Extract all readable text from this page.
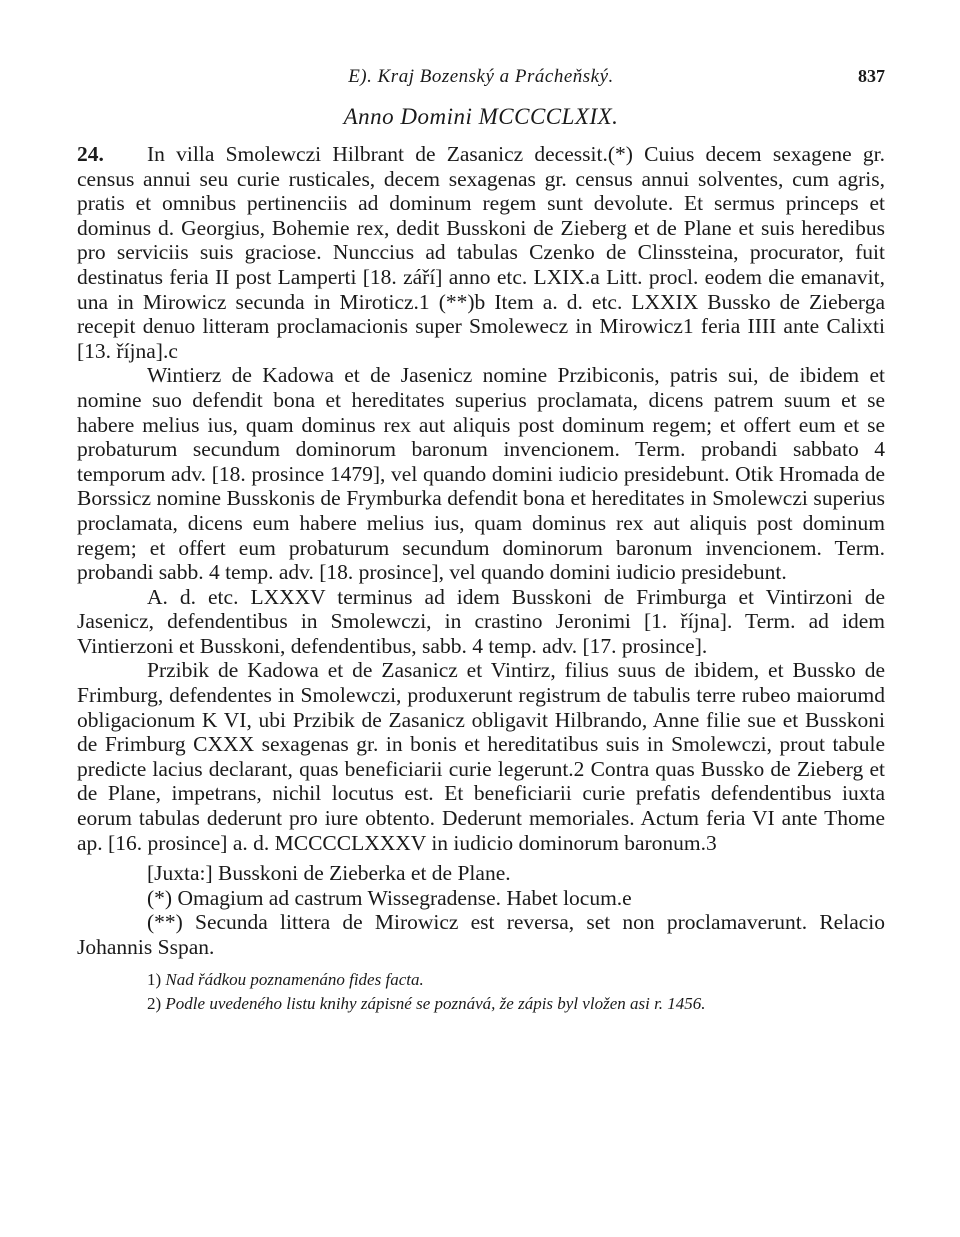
E). Kraj Bozenský a Prácheňský.	837
Anno Domini MCCCCLXIX.

24. In villa Smolewczi Hilbrant de Zasanicz decessit.(*) Cuius decem sexagene gr. census annui seu curie rusticales, decem sexagenas gr. census annui solventes, cum agris, pratis et omnibus pertinenciis ad dominum regem sunt devolute. Et sermus princeps et dominus d. Georgius, Bohemie rex, dedit Busskoni de Zieberg et de Plane et suis heredibus pro serviciis suis graciose. Nunccius ad tabulas Czenko de Clinssteina, procurator, fuit destinatus feria II post Lamperti [18. září] anno etc. LXIX.a Litt. procl. eodem die emanavit, una in Mirowicz secunda in Miroticz.1 (**)b Item a. d. etc. LXXIX Bussko de Zieberga recepit denuo litteram proclamacionis super Smolewecz in Mirowicz1 feria IIII ante Calixti [13. října].c

Wintierz de Kadowa et de Jasenicz nomine Przibiconis, patris sui, de ibidem et nomine suo defendit bona et hereditates superius proclamata, dicens patrem suum et se habere melius ius, quam dominus rex aut aliquis post dominum regem; et offert eum et se probaturum secundum dominorum baronum invencionem. Term. probandi sabbato 4 temporum adv. [18. prosince 1479], vel quando domini iudicio presidebunt. Otik Hromada de Borssicz nomine Busskonis de Frymburka defendit bona et hereditates in Smolewczi superius proclamata, dicens eum habere melius ius, quam dominus rex aut aliquis post dominum regem; et offert eum probaturum secundum dominorum baronum invencionem. Term. probandi sabb. 4 temp. adv. [18. prosince], vel quando domini iudicio presidebunt.

A. d. etc. LXXXV terminus ad idem Busskoni de Frimburga et Vintirzoni de Jasenicz, defendentibus in Smolewczi, in crastino Jeronimi [1. října]. Term. ad idem Vintierzoni et Busskoni, defendentibus, sabb. 4 temp. adv. [17. prosince].

Przibik de Kadowa et de Zasanicz et Vintirz, filius suus de ibidem, et Bussko de Frimburg, defendentes in Smolewczi, produxerunt registrum de tabulis terre rubeo maiorumd obligacionum K VI, ubi Przibik de Zasanicz obligavit Hilbrando, Anne filie sue et Busskoni de Frimburg CXXX sexagenas gr. in bonis et hereditatibus suis in Smolewczi, prout tabule predicte lacius declarant, quas beneficiarii curie legerunt.2 Contra quas Bussko de Zieberg et de Plane, impetrans, nichil locutus est. Et beneficiarii curie prefatis defendentibus iuxta eorum tabulas dederunt pro iure obtento. Dederunt memoriales. Actum feria VI ante Thome ap. [16. prosince] a. d. MCCCCLXXXV in iudicio dominorum baronum.3

[Juxta:] Busskoni de Zieberka et de Plane.

(*) Omagium ad castrum Wissegradense. Habet locum.e

(**) Secunda littera de Mirowicz est reversa, set non proclamaverunt. Relacio Johannis Sspan.

1) Nad řádkou poznamenáno fides facta.

2) Podle uvedeného listu knihy zápisné se poznává, že zápis byl vložen asi r. 1456.
